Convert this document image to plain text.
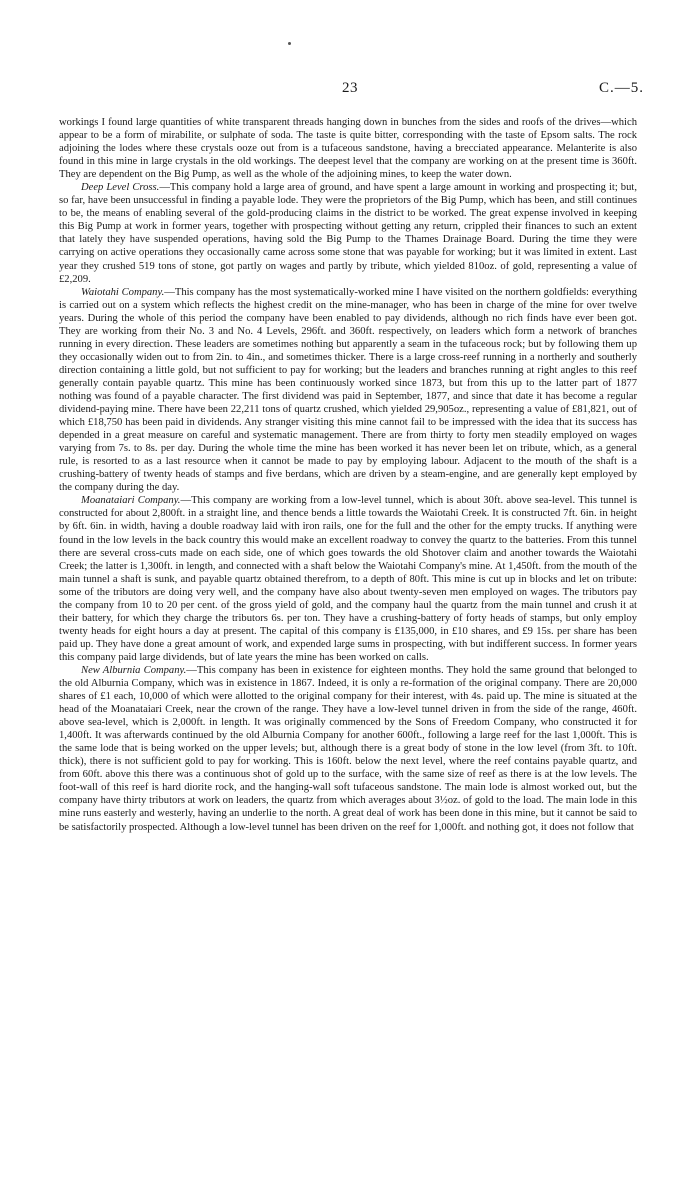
23	C.—5.

workings I found large quantities of white transparent threads hanging down in bunches from the sides and roofs of the drives—which appear to be a form of mirabilite, or sulphate of soda. The taste is quite bitter, corresponding with the taste of Epsom salts. The rock adjoining the lodes where these crystals ooze out from is a tufaceous sandstone, having a brecciated appearance. Melanterite is also found in this mine in large crystals in the old workings. The deepest level that the company are working on at the present time is 360ft. They are dependent on the Big Pump, as well as the whole of the adjoining mines, to keep the water down.

Deep Level Cross.—This company hold a large area of ground, and have spent a large amount in working and prospecting it; but, so far, have been unsuccessful in finding a payable lode. They were the proprietors of the Big Pump, which has been, and still continues to be, the means of enabling several of the gold-producing claims in the district to be worked. The great expense involved in keeping this Big Pump at work in former years, together with prospecting without getting any return, crippled their finances to such an extent that lately they have suspended operations, having sold the Big Pump to the Thames Drainage Board. During the time they were carrying on active operations they occasionally came across some stone that was payable for working; but it was limited in extent. Last year they crushed 519 tons of stone, got partly on wages and partly by tribute, which yielded 810oz. of gold, representing a value of £2,209.

Waiotahi Company.—This company has the most systematically-worked mine I have visited on the northern goldfields: everything is carried out on a system which reflects the highest credit on the mine-manager, who has been in charge of the mine for over twelve years. During the whole of this period the company have been enabled to pay dividends, although no rich finds have ever been got. They are working from their No. 3 and No. 4 Levels, 296ft. and 360ft. respectively, on leaders which form a network of branches running in every direction. These leaders are sometimes nothing but apparently a seam in the tufaceous rock; but by following them up they occasionally widen out to from 2in. to 4in., and sometimes thicker. There is a large cross-reef running in a northerly and southerly direction containing a little gold, but not sufficient to pay for working; but the leaders and branches running at right angles to this reef generally contain payable quartz. This mine has been continuously worked since 1873, but from this up to the latter part of 1877 nothing was found of a payable character. The first dividend was paid in September, 1877, and since that date it has become a regular dividend-paying mine. There have been 22,211 tons of quartz crushed, which yielded 29,905oz., representing a value of £81,821, out of which £18,750 has been paid in dividends. Any stranger visiting this mine cannot fail to be impressed with the idea that its success has depended in a great measure on careful and systematic management. There are from thirty to forty men steadily employed on wages varying from 7s. to 8s. per day. During the whole time the mine has been worked it has never been let on tribute, which, as a general rule, is resorted to as a last resource when it cannot be made to pay by employing labour. Adjacent to the mouth of the shaft is a crushing-battery of twenty heads of stamps and five berdans, which are driven by a steam-engine, and are generally kept employed by the company during the day.

Moanataiari Company.—This company are working from a low-level tunnel, which is about 30ft. above sea-level. This tunnel is constructed for about 2,800ft. in a straight line, and thence bends a little towards the Waiotahi Creek. It is constructed 7ft. 6in. in height by 6ft. 6in. in width, having a double roadway laid with iron rails, one for the full and the other for the empty trucks. If anything were found in the low levels in the back country this would make an excellent roadway to convey the quartz to the batteries. From this tunnel there are several cross-cuts made on each side, one of which goes towards the old Shotover claim and another towards the Waiotahi Creek; the latter is 1,300ft. in length, and connected with a shaft below the Waiotahi Company's mine. At 1,450ft. from the mouth of the main tunnel a shaft is sunk, and payable quartz obtained therefrom, to a depth of 80ft. This mine is cut up in blocks and let on tribute: some of the tributors are doing very well, and the company have also about twenty-seven men employed on wages. The tributors pay the company from 10 to 20 per cent. of the gross yield of gold, and the company haul the quartz from the main tunnel and crush it at their battery, for which they charge the tributors 6s. per ton. They have a crushing-battery of forty heads of stamps, but only employ twenty heads for eight hours a day at present. The capital of this company is £135,000, in £10 shares, and £9 15s. per share has been paid up. They have done a great amount of work, and expended large sums in prospecting, with but indifferent success. In former years this company paid large dividends, but of late years the mine has been worked on calls.

New Alburnia Company.—This company has been in existence for eighteen months. They hold the same ground that belonged to the old Alburnia Company, which was in existence in 1867. Indeed, it is only a re-formation of the original company. There are 20,000 shares of £1 each, 10,000 of which were allotted to the original company for their interest, with 4s. paid up. The mine is situated at the head of the Moanataiari Creek, near the crown of the range. They have a low-level tunnel driven in from the side of the range, 460ft. above sea-level, which is 2,000ft. in length. It was originally commenced by the Sons of Freedom Company, who constructed it for 1,400ft. It was afterwards continued by the old Alburnia Company for another 600ft., following a large reef for the last 1,000ft. This is the same lode that is being worked on the upper levels; but, although there is a great body of stone in the low level (from 3ft. to 10ft. thick), there is not sufficient gold to pay for working. This is 160ft. below the next level, where the reef contains payable quartz, and from 60ft. above this there was a continuous shot of gold up to the surface, with the same size of reef as there is at the low levels. The foot-wall of this reef is hard diorite rock, and the hanging-wall soft tufaceous sandstone. The main lode is almost worked out, but the company have thirty tributors at work on leaders, the quartz from which averages about 3½oz. of gold to the load. The main lode in this mine runs easterly and westerly, having an underlie to the north. A great deal of work has been done in this mine, but it cannot be said to be satisfactorily prospected. Although a low-level tunnel has been driven on the reef for 1,000ft. and nothing got, it does not follow that
